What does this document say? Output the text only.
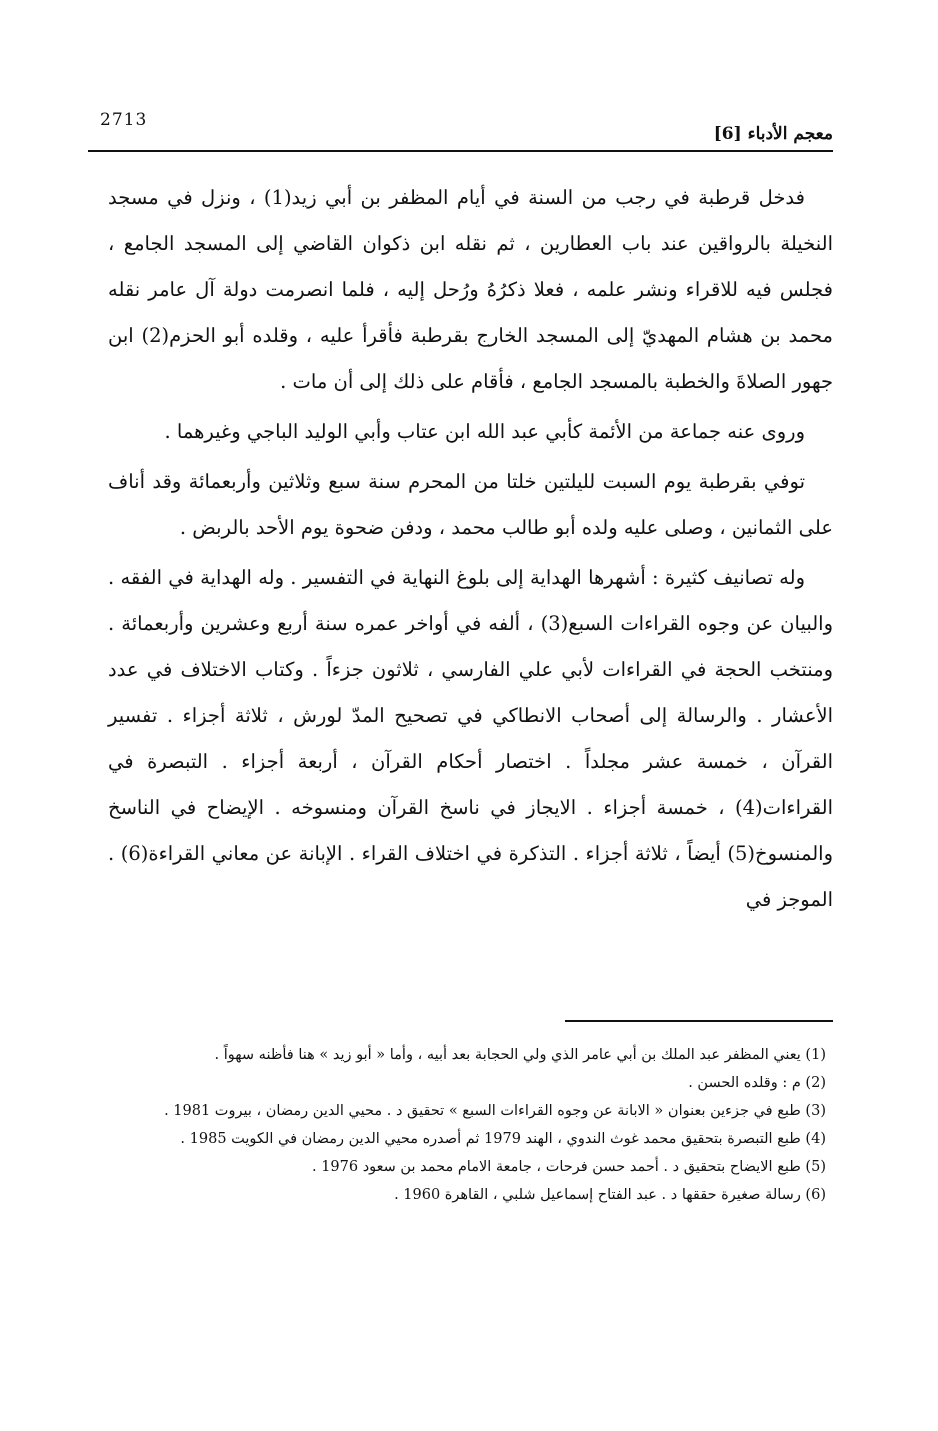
معجم الأدباء [6]
2713

فدخل قرطبة في رجب من السنة في أيام المظفر بن أبي زيد(1) ، ونزل في مسجد النخيلة بالرواقين عند باب العطارين ، ثم نقله ابن ذكوان القاضي إلى المسجد الجامع ، فجلس فيه للاقراء ونشر علمه ، فعلا ذكرُهُ ورُحل إليه ، فلما انصرمت دولة آل عامر نقله محمد بن هشام المهديّ إلى المسجد الخارج بقرطبة فأقرأ عليه ، وقلده أبو الحزم(2) ابن جهور الصلاةَ والخطبة بالمسجد الجامع ، فأقام على ذلك إلى أن مات .

وروى عنه جماعة من الأئمة كأبي عبد الله ابن عتاب وأبي الوليد الباجي وغيرهما .

توفي بقرطبة يوم السبت لليلتين خلتا من المحرم سنة سبع وثلاثين وأربعمائة وقد أناف على الثمانين ، وصلى عليه ولده أبو طالب محمد ، ودفن ضحوة يوم الأحد بالربض .

وله تصانيف كثيرة : أشهرها الهداية إلى بلوغ النهاية في التفسير . وله الهداية في الفقه . والبيان عن وجوه القراءات السبع(3) ، ألفه في أواخر عمره سنة أربع وعشرين وأربعمائة . ومنتخب الحجة في القراءات لأبي علي الفارسي ، ثلاثون جزءاً . وكتاب الاختلاف في عدد الأعشار . والرسالة إلى أصحاب الانطاكي في تصحيح المدّ لورش ، ثلاثة أجزاء . تفسير القرآن ، خمسة عشر مجلداً . اختصار أحكام القرآن ، أربعة أجزاء . التبصرة في القراءات(4) ، خمسة أجزاء . الايجاز في ناسخ القرآن ومنسوخه . الإيضاح في الناسخ والمنسوخ(5) أيضاً ، ثلاثة أجزاء . التذكرة في اختلاف القراء . الإبانة عن معاني القراءة(6) . الموجز في

(1) يعني المظفر عبد الملك بن أبي عامر الذي ولي الحجابة بعد أبيه ، وأما « أبو زيد » هنا فأظنه سهواً .

(2) م : وقلده الحسن .

(3) طبع في جزءين بعنوان « الابانة عن وجوه القراءات السبع » تحقيق د . محيي الدين رمضان ، بيروت 1981 .

(4) طبع التبصرة بتحقيق محمد غوث الندوي ، الهند 1979 ثم أصدره محيي الدين رمضان في الكويت 1985 .

(5) طبع الايضاح بتحقيق د . أحمد حسن فرحات ، جامعة الامام محمد بن سعود 1976 .

(6) رسالة صغيرة حققها د . عبد الفتاح إسماعيل شلبي ، القاهرة 1960 .
